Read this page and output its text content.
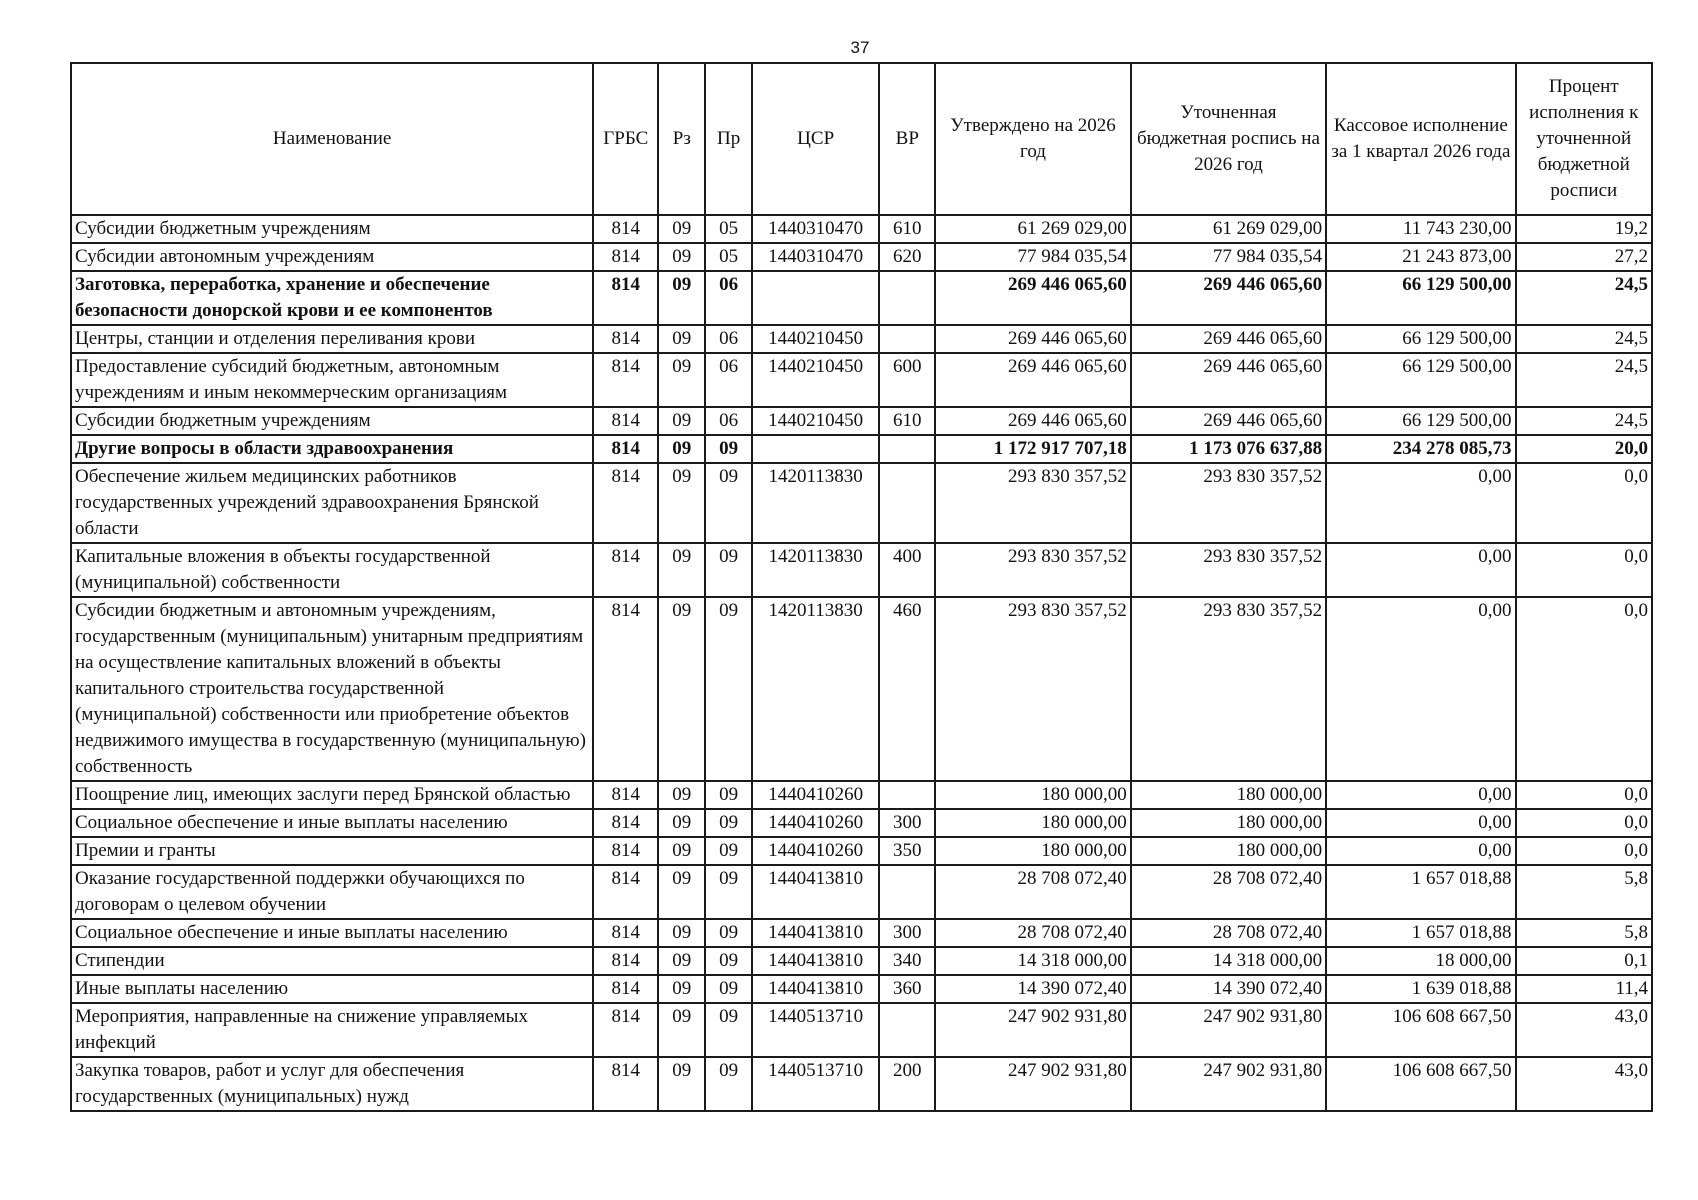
37
Наименование	ГРБС	Рз	Пр	ЦСР	ВР	Утверждено на 2026 год	Уточненная бюджетная роспись на 2026 год	Кассовое исполнение за 1 квартал 2026 года	Процент исполнения к уточненной бюджетной росписи
Субсидии бюджетным учреждениям	814	09	05	1440310470	610	61 269 029,00	61 269 029,00	11 743 230,00	19,2
Субсидии автономным учреждениям	814	09	05	1440310470	620	77 984 035,54	77 984 035,54	21 243 873,00	27,2
Заготовка, переработка, хранение и обеспечение безопасности донорской крови и ее компонентов	814	09	06			269 446 065,60	269 446 065,60	66 129 500,00	24,5
Центры, станции и отделения переливания крови	814	09	06	1440210450		269 446 065,60	269 446 065,60	66 129 500,00	24,5
Предоставление субсидий бюджетным, автономным учреждениям и иным некоммерческим организациям	814	09	06	1440210450	600	269 446 065,60	269 446 065,60	66 129 500,00	24,5
Субсидии бюджетным учреждениям	814	09	06	1440210450	610	269 446 065,60	269 446 065,60	66 129 500,00	24,5
Другие вопросы в области здравоохранения	814	09	09			1 172 917 707,18	1 173 076 637,88	234 278 085,73	20,0
Обеспечение жильем медицинских работников государственных учреждений здравоохранения Брянской области	814	09	09	1420113830		293 830 357,52	293 830 357,52	0,00	0,0
Капитальные вложения в объекты государственной (муниципальной) собственности	814	09	09	1420113830	400	293 830 357,52	293 830 357,52	0,00	0,0
Субсидии бюджетным и автономным учреждениям, государственным (муниципальным) унитарным предприятиям на осуществление капитальных вложений в объекты капитального строительства государственной (муниципальной) собственности или приобретение объектов недвижимого имущества в государственную (муниципальную) собственность	814	09	09	1420113830	460	293 830 357,52	293 830 357,52	0,00	0,0
Поощрение лиц, имеющих заслуги перед Брянской областью	814	09	09	1440410260		180 000,00	180 000,00	0,00	0,0
Социальное обеспечение и иные выплаты населению	814	09	09	1440410260	300	180 000,00	180 000,00	0,00	0,0
Премии и гранты	814	09	09	1440410260	350	180 000,00	180 000,00	0,00	0,0
Оказание государственной поддержки обучающихся по договорам о целевом обучении	814	09	09	1440413810		28 708 072,40	28 708 072,40	1 657 018,88	5,8
Социальное обеспечение и иные выплаты населению	814	09	09	1440413810	300	28 708 072,40	28 708 072,40	1 657 018,88	5,8
Стипендии	814	09	09	1440413810	340	14 318 000,00	14 318 000,00	18 000,00	0,1
Иные выплаты населению	814	09	09	1440413810	360	14 390 072,40	14 390 072,40	1 639 018,88	11,4
Мероприятия, направленные на снижение управляемых инфекций	814	09	09	1440513710		247 902 931,80	247 902 931,80	106 608 667,50	43,0
Закупка товаров, работ и услуг для обеспечения государственных (муниципальных) нужд	814	09	09	1440513710	200	247 902 931,80	247 902 931,80	106 608 667,50	43,0
